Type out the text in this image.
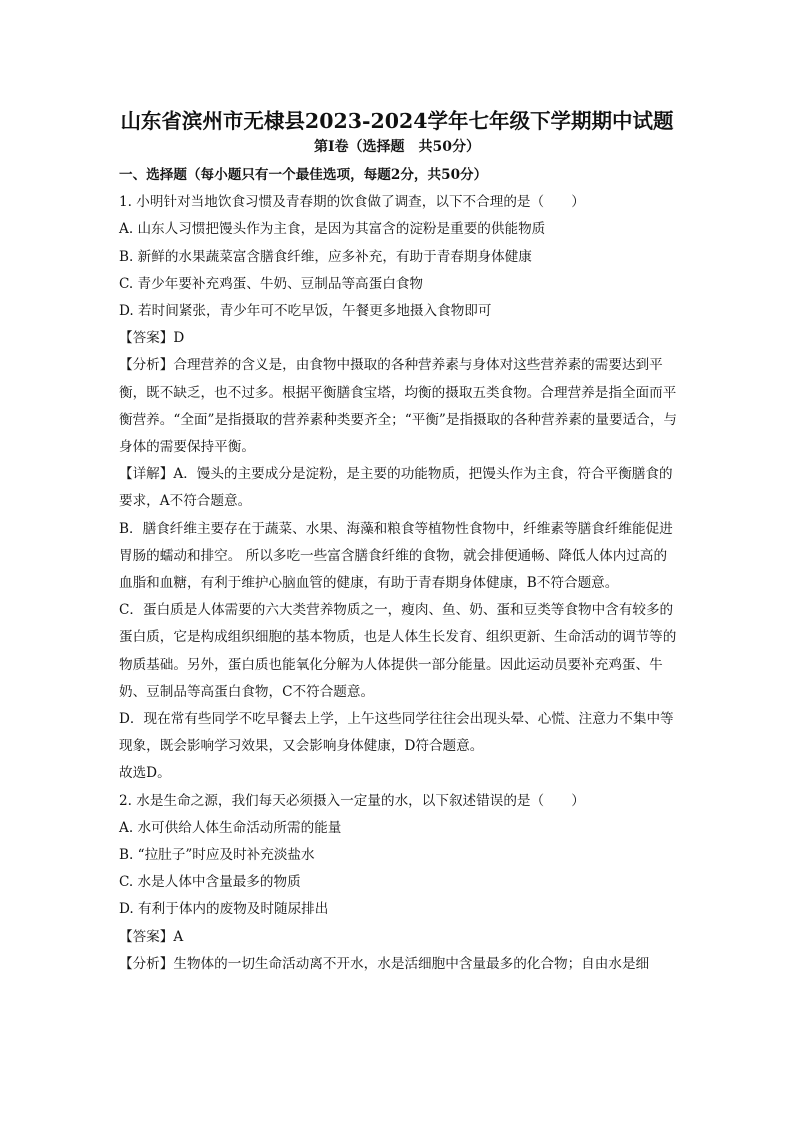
山东省滨州市无棣县2023-2024学年七年级下学期期中试题
第Ⅰ卷（选择题　共50分）

一、选择题（每小题只有一个最佳选项，每题2分，共50分）

1. 小明针对当地饮食习惯及青春期的饮食做了调查，以下不合理的是（　　）

A. 山东人习惯把馒头作为主食，是因为其富含的淀粉是重要的供能物质

B. 新鲜的水果蔬菜富含膳食纤维，应多补充，有助于青春期身体健康

C. 青少年要补充鸡蛋、牛奶、豆制品等高蛋白食物

D. 若时间紧张，青少年可不吃早饭，午餐更多地摄入食物即可

【答案】D

【分析】合理营养的含义是，由食物中摄取的各种营养素与身体对这些营养素的需要达到平衡，既不缺乏，也不过多。根据平衡膳食宝塔，均衡的摄取五类食物。合理营养是指全面而平衡营养。“全面”是指摄取的营养素种类要齐全；“平衡”是指摄取的各种营养素的量要适合，与身体的需要保持平衡。

【详解】A．馒头的主要成分是淀粉，是主要的功能物质，把馒头作为主食，符合平衡膳食的要求，A不符合题意。

B．膳食纤维主要存在于蔬菜、水果、海藻和粮食等植物性食物中，纤维素等膳食纤维能促进胃肠的蠕动和排空。 所以多吃一些富含膳食纤维的食物，就会排便通畅、降低人体内过高的血脂和血糖，有利于维护心脑血管的健康，有助于青春期身体健康，B不符合题意。

C．蛋白质是人体需要的六大类营养物质之一，瘦肉、鱼、奶、蛋和豆类等食物中含有较多的蛋白质，它是构成组织细胞的基本物质，也是人体生长发育、组织更新、生命活动的调节等的物质基础。另外，蛋白质也能氧化分解为人体提供一部分能量。因此运动员要补充鸡蛋、牛奶、豆制品等高蛋白食物，C不符合题意。

D．现在常有些同学不吃早餐去上学，上午这些同学往往会出现头晕、心慌、注意力不集中等现象，既会影响学习效果，又会影响身体健康，D符合题意。

故选D。

2. 水是生命之源，我们每天必须摄入一定量的水，以下叙述错误的是（　　）

A. 水可供给人体生命活动所需的能量

B. “拉肚子”时应及时补充淡盐水

C. 水是人体中含量最多的物质

D. 有利于体内的废物及时随尿排出

【答案】A

【分析】生物体的一切生命活动离不开水，水是活细胞中含量最多的化合物；自由水是细
